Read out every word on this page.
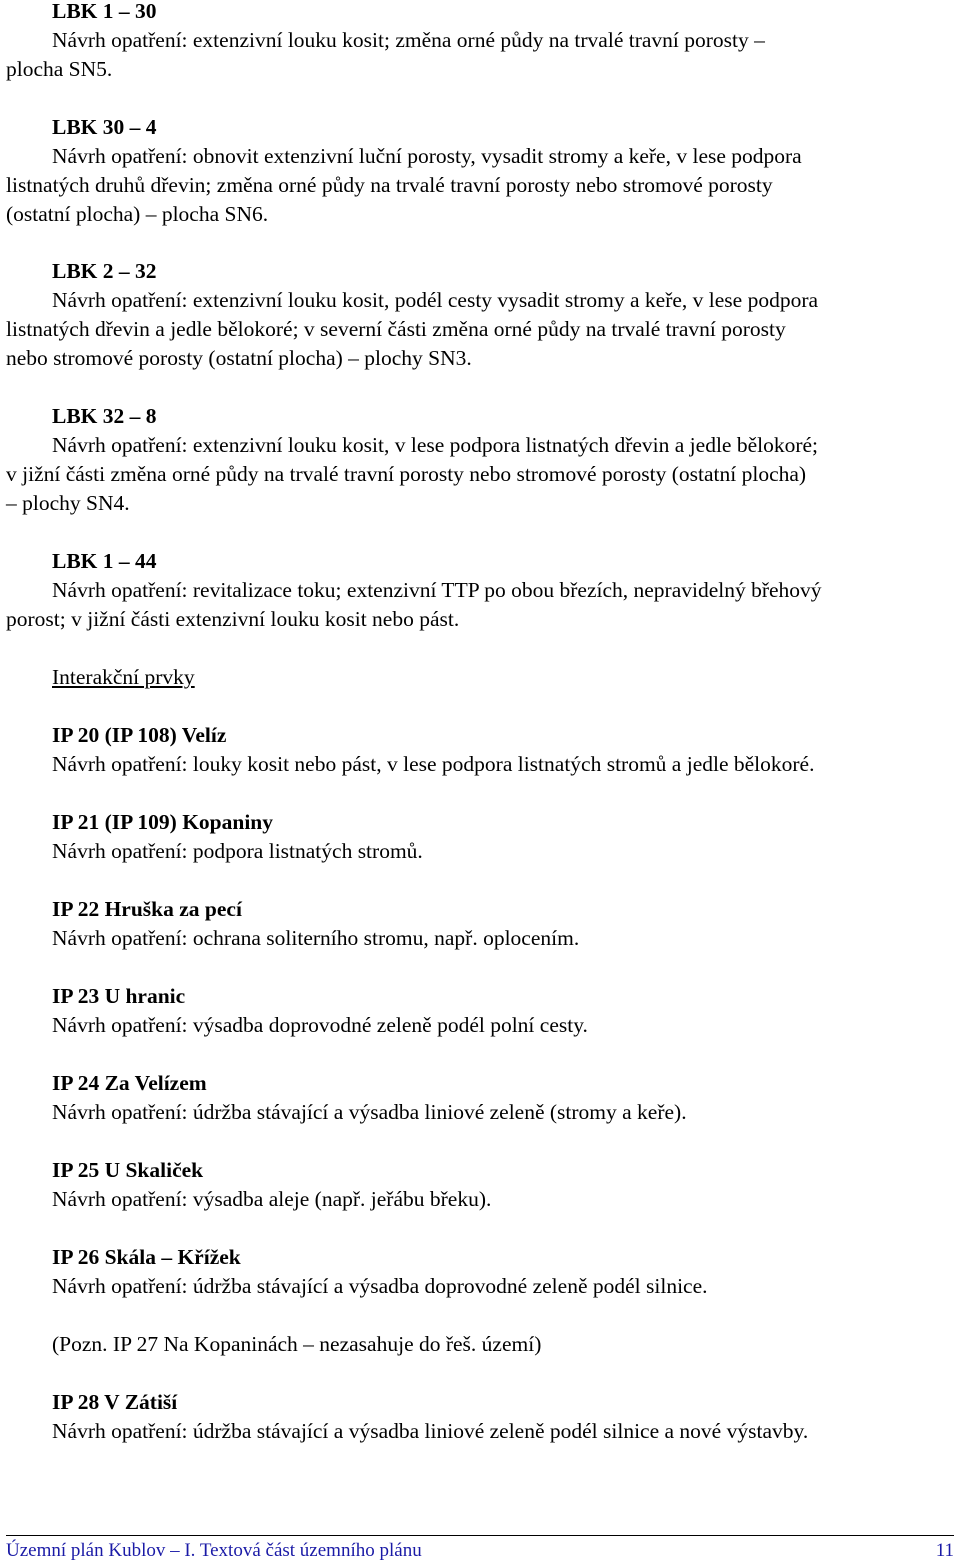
LBK 1 – 30
Návrh opatření: extenzivní louku kosit; změna orné půdy na trvalé travní porosty –
plocha SN5.
LBK 30 – 4
Návrh opatření: obnovit extenzivní luční porosty, vysadit stromy a keře, v lese podpora
listnatých druhů dřevin; změna orné půdy na trvalé travní porosty nebo stromové porosty
(ostatní plocha) – plocha SN6.
LBK 2 – 32
Návrh opatření: extenzivní louku kosit, podél cesty vysadit stromy a keře, v lese podpora
listnatých dřevin a jedle bělokoré; v severní části změna orné půdy na trvalé travní porosty
nebo stromové porosty (ostatní plocha) – plochy SN3.
LBK 32 – 8
Návrh opatření: extenzivní louku kosit, v lese podpora listnatých dřevin a jedle bělokoré;
v jižní části změna orné půdy na trvalé travní porosty nebo stromové porosty (ostatní plocha)
– plochy SN4.
LBK 1 – 44
Návrh opatření: revitalizace toku; extenzivní TTP po obou březích, nepravidelný břehový
porost; v jižní části extenzivní louku kosit nebo pást.
Interakční prvky
IP 20 (IP 108) Velíz
Návrh opatření: louky kosit nebo pást, v lese podpora listnatých stromů a jedle bělokoré.
IP 21 (IP 109) Kopaniny
Návrh opatření: podpora listnatých stromů.
IP 22 Hruška za pecí
Návrh opatření: ochrana soliterního stromu, např. oplocením.
IP 23 U hranic
Návrh opatření: výsadba doprovodné zeleně podél polní cesty.
IP 24 Za Velízem
Návrh opatření: údržba stávající a výsadba liniové zeleně (stromy a keře).
IP 25 U Skaliček
Návrh opatření: výsadba aleje (např. jeřábu břeku).
IP 26 Skála – Křížek
Návrh opatření: údržba stávající a výsadba doprovodné zeleně podél silnice.
(Pozn. IP 27 Na Kopaninách – nezasahuje do řeš. území)
IP 28 V Zátiší
Návrh opatření: údržba stávající a výsadba liniové zeleně podél silnice a nové výstavby.
Územní plán Kublov – I. Textová část územního plánu	11
